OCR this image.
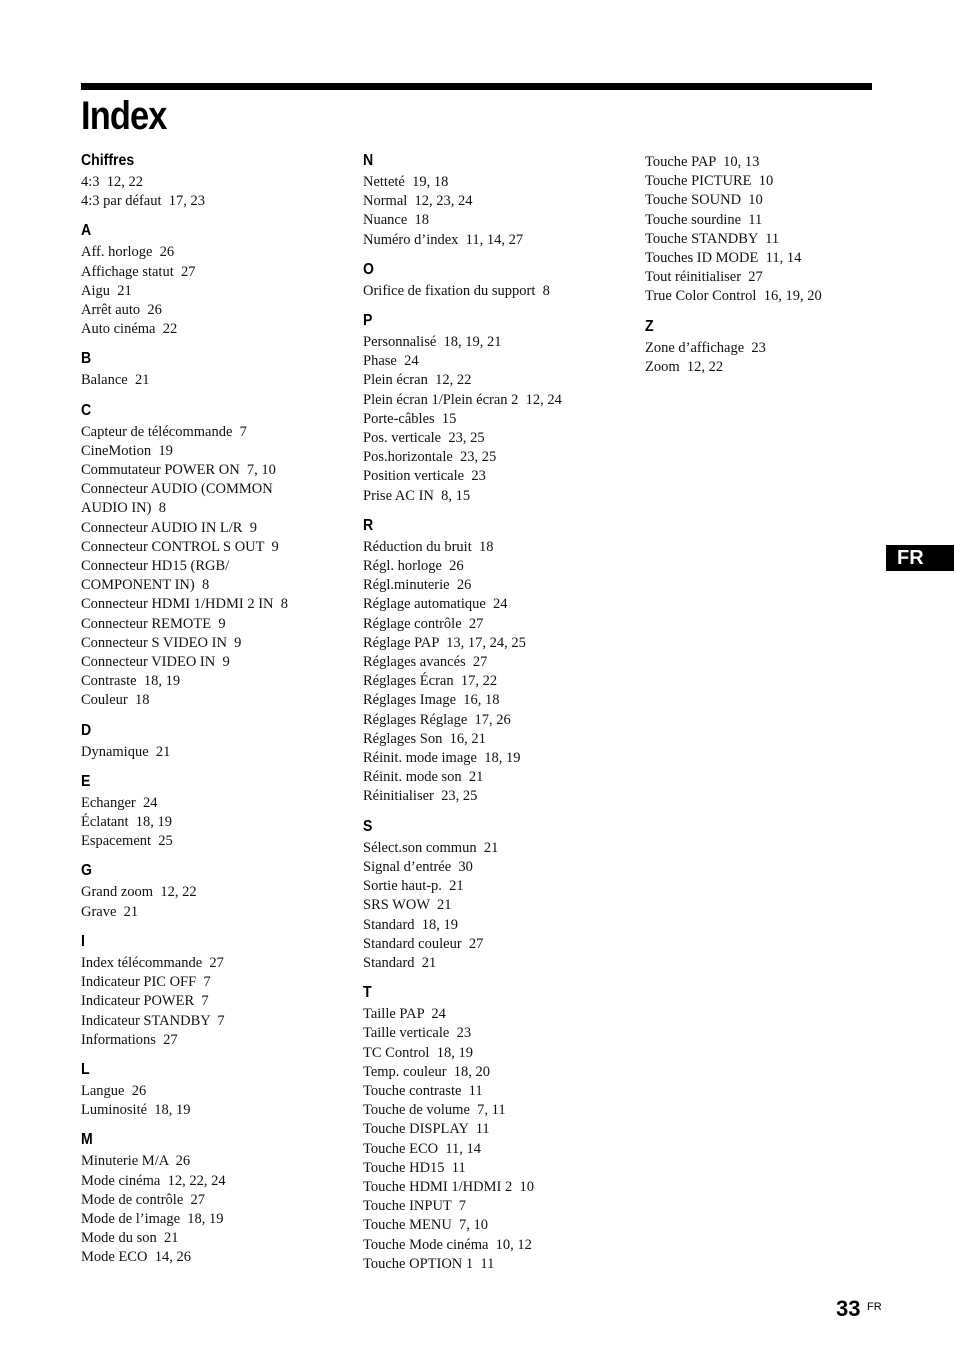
Index
Chiffres
4:3  12, 22
4:3 par défaut  17, 23
A
Aff. horloge  26
Affichage statut  27
Aigu  21
Arrêt auto  26
Auto cinéma  22
B
Balance  21
C
Capteur de télécommande  7
CineMotion  19
Commutateur POWER ON  7, 10
Connecteur AUDIO (COMMON
AUDIO IN)  8
Connecteur AUDIO IN L/R  9
Connecteur CONTROL S OUT  9
Connecteur HD15 (RGB/
COMPONENT IN)  8
Connecteur HDMI 1/HDMI 2 IN  8
Connecteur REMOTE  9
Connecteur S VIDEO IN  9
Connecteur VIDEO IN  9
Contraste  18, 19
Couleur  18
D
Dynamique  21
E
Echanger  24
Éclatant  18, 19
Espacement  25
G
Grand zoom  12, 22
Grave  21
I
Index télécommande  27
Indicateur PIC OFF  7
Indicateur POWER  7
Indicateur STANDBY  7
Informations  27
L
Langue  26
Luminosité  18, 19
M
Minuterie M/A  26
Mode cinéma  12, 22, 24
Mode de contrôle  27
Mode de l’image  18, 19
Mode du son  21
Mode ECO  14, 26
N
Netteté  19, 18
Normal  12, 23, 24
Nuance  18
Numéro d’index  11, 14, 27
O
Orifice de fixation du support  8
P
Personnalisé  18, 19, 21
Phase  24
Plein écran  12, 22
Plein écran 1/Plein écran 2  12, 24
Porte-câbles  15
Pos. verticale  23, 25
Pos.horizontale  23, 25
Position verticale  23
Prise AC IN  8, 15
R
Réduction du bruit  18
Régl. horloge  26
Régl.minuterie  26
Réglage automatique  24
Réglage contrôle  27
Réglage PAP  13, 17, 24, 25
Réglages avancés  27
Réglages Écran  17, 22
Réglages Image  16, 18
Réglages Réglage  17, 26
Réglages Son  16, 21
Réinit. mode image  18, 19
Réinit. mode son  21
Réinitialiser  23, 25
S
Sélect.son commun  21
Signal d’entrée  30
Sortie haut-p.  21
SRS WOW  21
Standard  18, 19
Standard couleur  27
Standard  21
T
Taille PAP  24
Taille verticale  23
TC Control  18, 19
Temp. couleur  18, 20
Touche contraste  11
Touche de volume  7, 11
Touche DISPLAY  11
Touche ECO  11, 14
Touche HD15  11
Touche HDMI 1/HDMI 2  10
Touche INPUT  7
Touche MENU  7, 10
Touche Mode cinéma  10, 12
Touche OPTION 1  11
Touche PAP  10, 13
Touche PICTURE  10
Touche SOUND  10
Touche sourdine  11
Touche STANDBY  11
Touches ID MODE  11, 14
Tout réinitialiser  27
True Color Control  16, 19, 20
Z
Zone d’affichage  23
Zoom  12, 22
FR
33 FR
